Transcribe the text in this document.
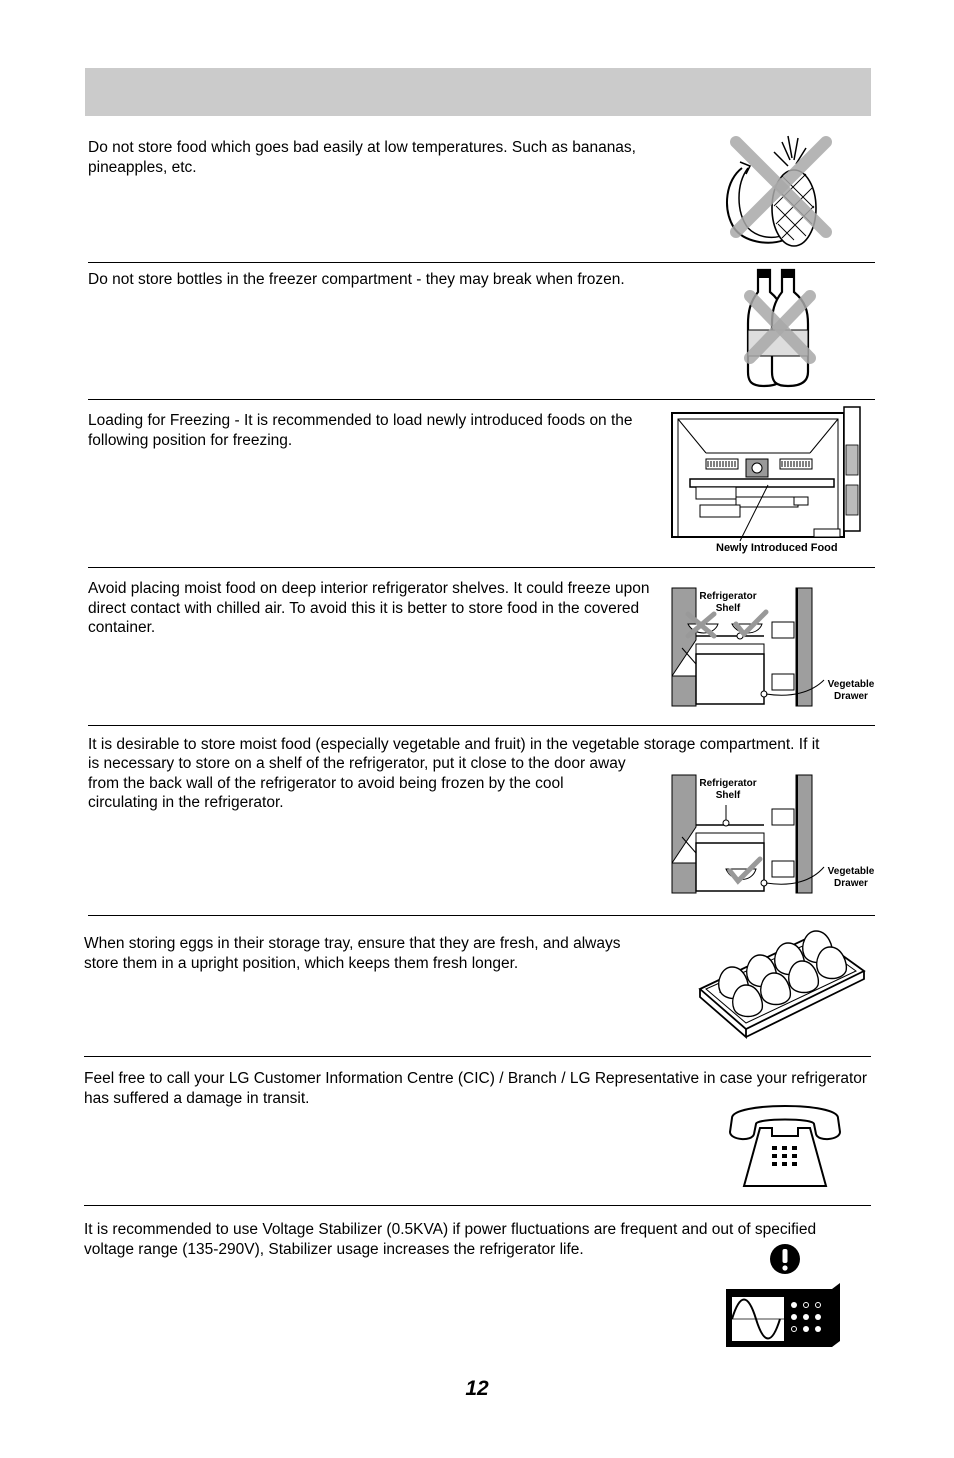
Do not store food which goes bad easily at low temperatures. Such as bananas, pineapples, etc.
Do not store bottles in the freezer compartment - they may break when frozen.
Loading for Freezing - It is recommended to load newly introduced foods on the following position for freezing.
Newly Introduced Food
Avoid placing moist food on deep interior refrigerator shelves. It could freeze upon direct contact with chilled air. To avoid this it is better to store food in the covered container.
Refrigerator
Shelf
Vegetable
Drawer
It is desirable to store moist food (especially vegetable and fruit) in the vegetable storage compartment. If it
is necessary to store on a shelf of the refrigerator, put it close to the door away from the back wall of the refrigerator to avoid being frozen by the cool circulating in the refrigerator.
Refrigerator
Shelf
Vegetable
Drawer
When storing eggs in their storage tray, ensure that they are fresh, and always store them in a upright position, which keeps them fresh longer.
Feel free to call your LG Customer Information Centre (CIC) / Branch / LG Representative in case your refrigerator has suffered a damage in transit.
It is recommended to use Voltage Stabilizer (0.5KVA) if power fluctuations are frequent and out of specified voltage range (135-290V), Stabilizer usage increases the refrigerator life.
12
